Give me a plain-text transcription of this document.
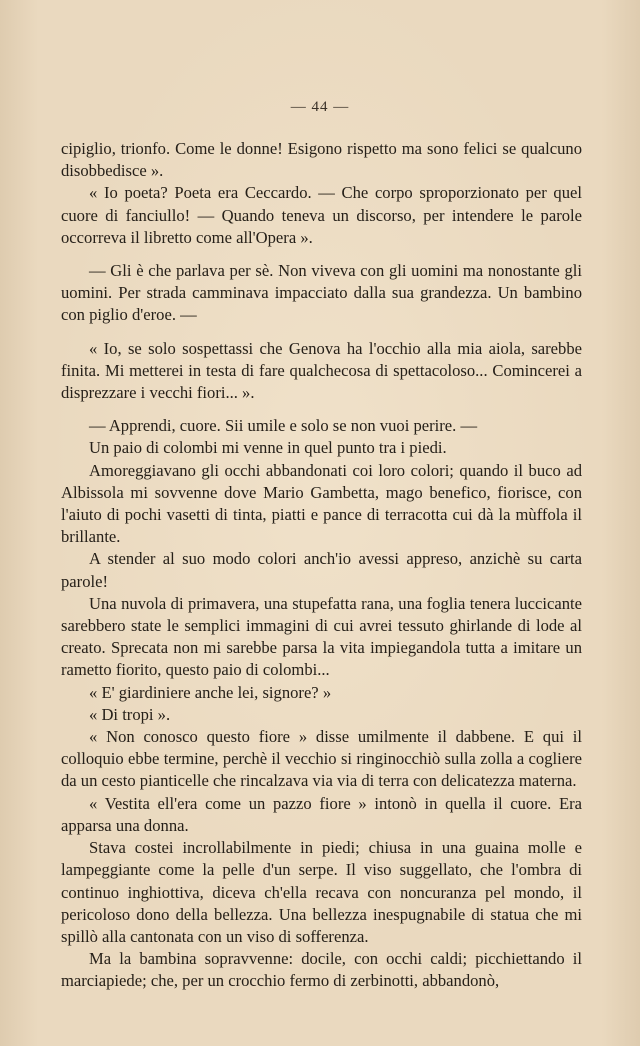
— 44 —

cipiglio, trionfo. Come le donne! Esigono rispetto ma sono felici se qualcuno disobbedisce ».

« Io poeta? Poeta era Ceccardo. — Che corpo sproporzionato per quel cuore di fanciullo! — Quando teneva un discorso, per intendere le parole occorreva il libretto come all'Opera ».

— Gli è che parlava per sè. Non viveva con gli uomini ma nonostante gli uomini. Per strada camminava impacciato dalla sua grandezza. Un bambino con piglio d'eroe. —

« Io, se solo sospettassi che Genova ha l'occhio alla mia aiola, sarebbe finita. Mi metterei in testa di fare qualchecosa di spettacoloso... Comincerei a disprezzare i vecchi fiori... ».

— Apprendi, cuore. Sii umile e solo se non vuoi perire. —

Un paio di colombi mi venne in quel punto tra i piedi.

Amoreggiavano gli occhi abbandonati coi loro colori; quando il buco ad Albissola mi sovvenne dove Mario Gambetta, mago benefico, fiorisce, con l'aiuto di pochi vasetti di tinta, piatti e pance di terracotta cui dà la mùffola il brillante.

A stender al suo modo colori anch'io avessi appreso, anzichè su carta parole!

Una nuvola di primavera, una stupefatta rana, una foglia tenera luccicante sarebbero state le semplici immagini di cui avrei tessuto ghirlande di lode al creato. Sprecata non mi sarebbe parsa la vita impiegandola tutta a imitare un rametto fiorito, questo paio di colombi...

« E' giardiniere anche lei, signore? »

« Di tropi ».

« Non conosco questo fiore » disse umilmente il dabbene. E qui il colloquio ebbe termine, perchè il vecchio si ringinocchiò sulla zolla a cogliere da un cesto pianticelle che rincalzava via via di terra con delicatezza materna.

« Vestita ell'era come un pazzo fiore » intonò in quella il cuore. Era apparsa una donna.

Stava costei incrollabilmente in piedi; chiusa in una guaina molle e lampeggiante come la pelle d'un serpe. Il viso suggellato, che l'ombra di continuo inghiottiva, diceva ch'ella recava con noncuranza pel mondo, il pericoloso dono della bellezza. Una bellezza inespugnabile di statua che mi spillò alla cantonata con un viso di sofferenza.

Ma la bambina sopravvenne: docile, con occhi caldi; picchiettando il marciapiede; che, per un crocchio fermo di zerbinotti, abbandonò,
